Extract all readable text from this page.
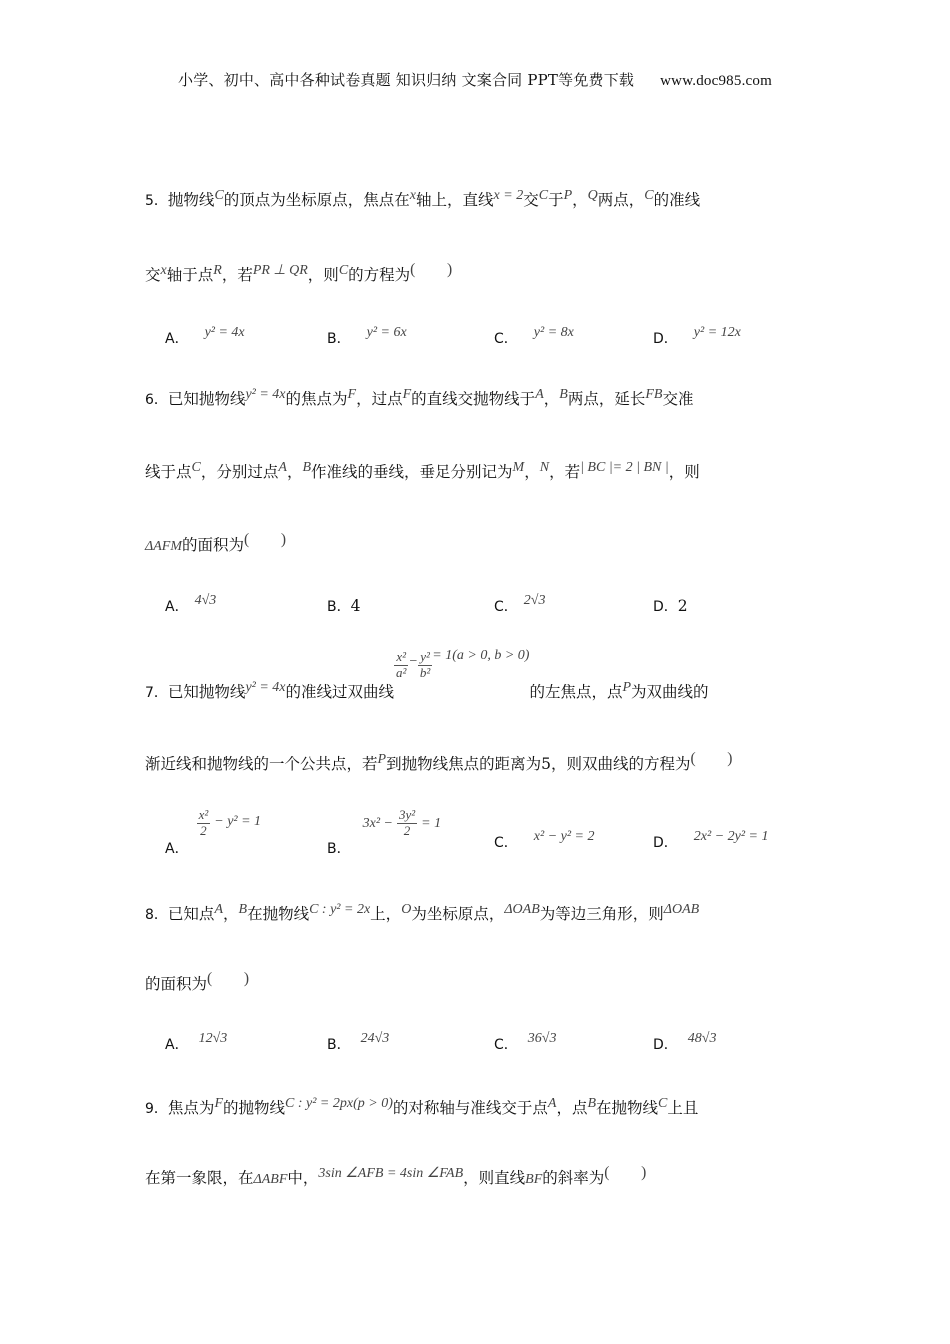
小学、初中、高中各种试卷真题 知识归纳 文案合同 PPT等免费下载 www.doc985.com
5．抛物线C的顶点为坐标原点，焦点在x轴上，直线x = 2交C于P，Q两点，C的准线
交x轴于点R，若PR ⊥ QR，则C的方程为( )
A． y² = 4x	B． y² = 6x	C． y² = 8x	D． y² = 12x
6．已知抛物线y² = 4x的焦点为F，过点F的直线交抛物线于A，B两点，延长FB交准
线于点C，分别过点A，B作准线的垂线，垂足分别记为M，N，若| BC |= 2 | BN |，则
ΔAFM的面积为( )
A． 4√3	B．4	C． 2√3	D．2
7．已知抛物线y² = 4x的准线过双曲线
$\frac{\text{x²}}{\text{a²}} - \frac{\text{y²}}{\text{b²}} = 1(a > 0$, b > 0)的左焦点，点P为双曲线的
渐近线和抛物线的一个公共点，若P到抛物线焦点的距离为5，则双曲线的方程为( )
A．
$\frac{\text{x²}}{2} - y^2 = 1$
B．$3x^2 - \frac{\text{3y²}}{2} = 1$
C． x² − y² = 2	D． 2x² − 2y² = 1
8．已知点A，B在抛物线C : y² = 2x上，O为坐标原点，ΔOAB为等边三角形，则ΔOAB
的面积为( )
A． 12√3	B． 24√3	C． 36√3	D． 48√3
9．焦点为F的抛物线C : y² = 2px(p > 0)的对称轴与准线交于点A，点B在抛物线C上且
在第一象限，在ΔABF中，3sin ∠AFB = 4sin ∠FAB，则直线BF的斜率为( )
